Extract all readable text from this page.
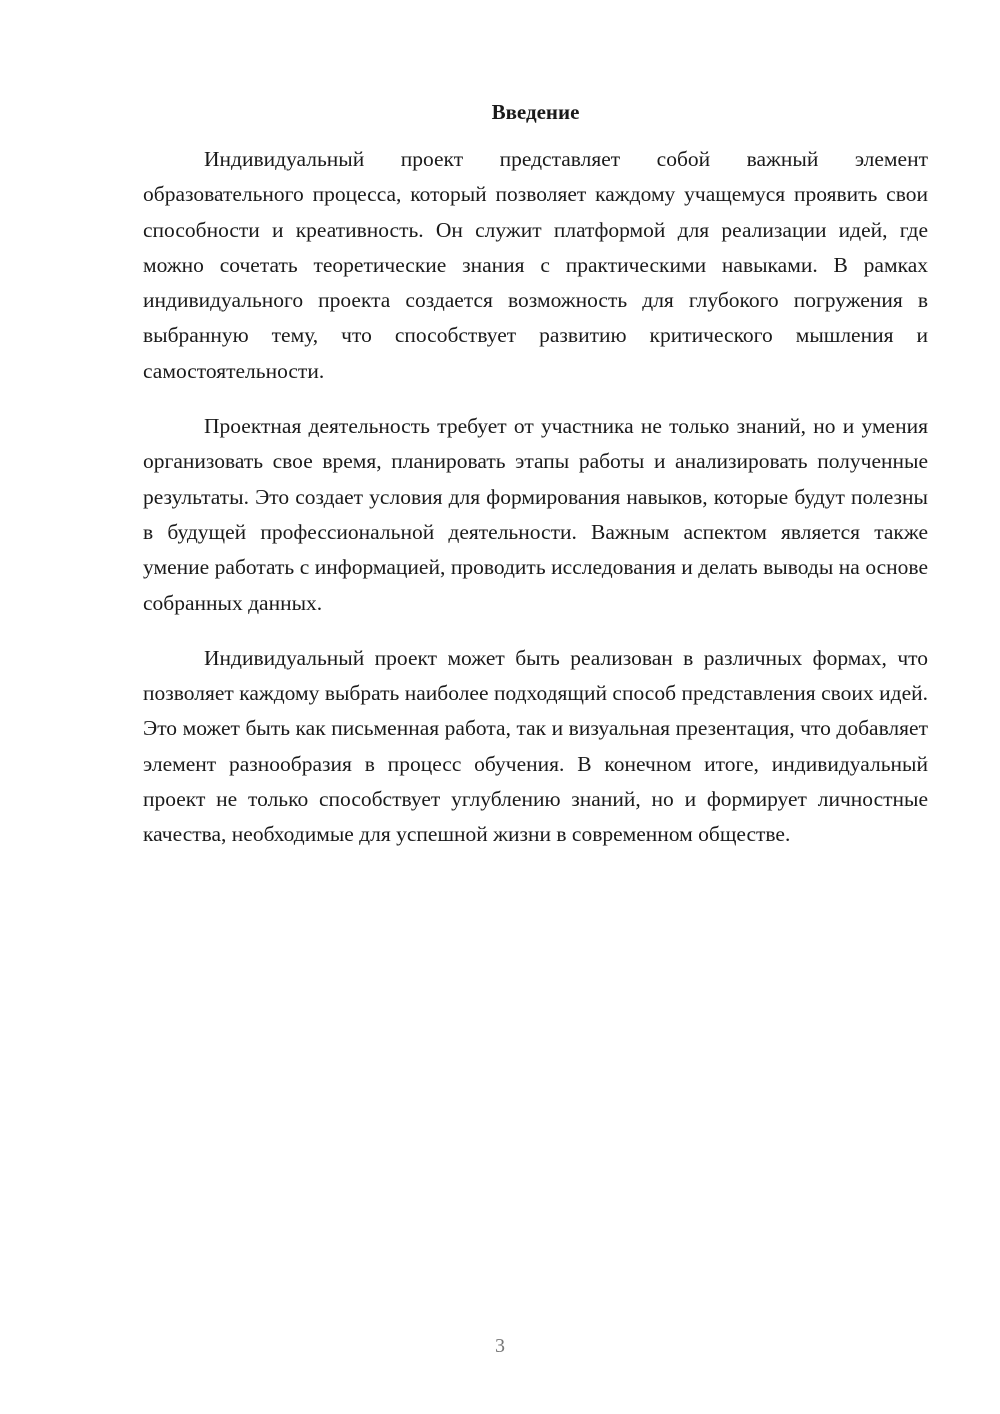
Введение

Индивидуальный проект представляет собой важный элемент образовательного процесса, который позволяет каждому учащемуся проявить свои способности и креативность. Он служит платформой для реализации идей, где можно сочетать теоретические знания с практическими навыками. В рамках индивидуального проекта создается возможность для глубокого погружения в выбранную тему, что способствует развитию критического мышления и самостоятельности.

Проектная деятельность требует от участника не только знаний, но и умения организовать свое время, планировать этапы работы и анализировать полученные результаты. Это создает условия для формирования навыков, которые будут полезны в будущей профессиональной деятельности. Важным аспектом является также умение работать с информацией, проводить исследования и делать выводы на основе собранных данных.

Индивидуальный проект может быть реализован в различных формах, что позволяет каждому выбрать наиболее подходящий способ представления своих идей. Это может быть как письменная работа, так и визуальная презентация, что добавляет элемент разнообразия в процесс обучения. В конечном итоге, индивидуальный проект не только способствует углублению знаний, но и формирует личностные качества, необходимые для успешной жизни в современном обществе.

3
